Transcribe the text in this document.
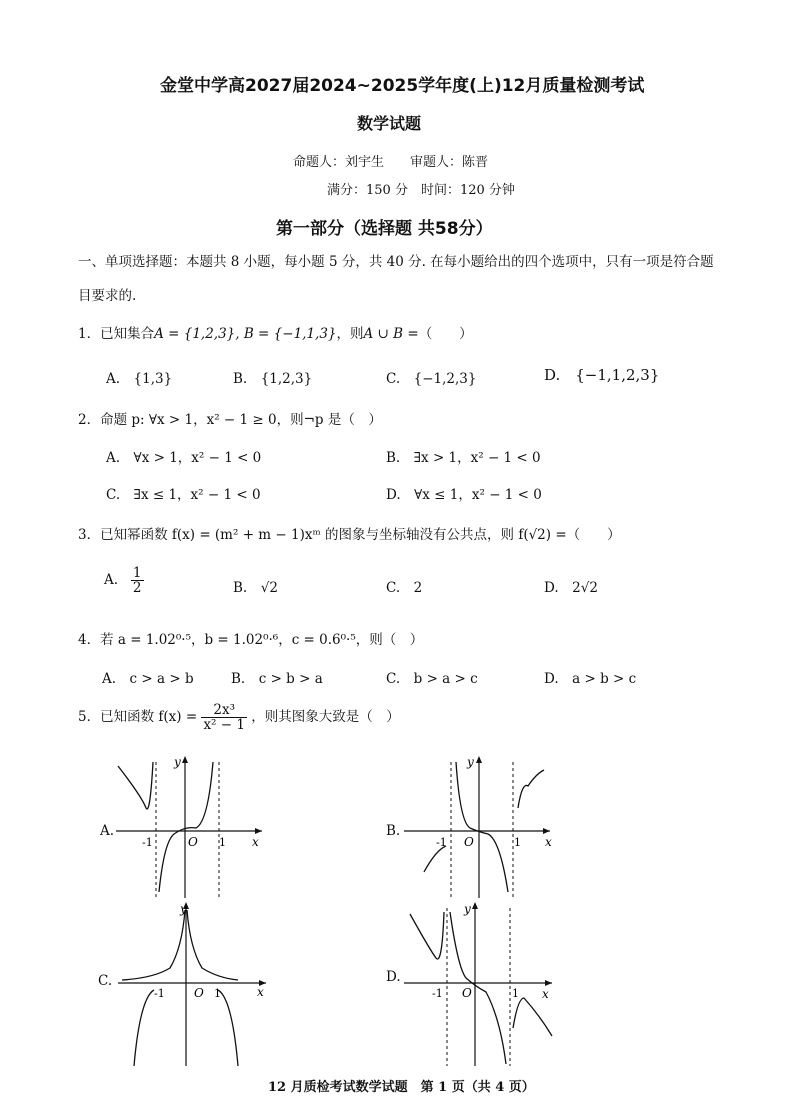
金堂中学高2027届2024~2025学年度(上)12月质量检测考试
数学试题
命题人：刘宇生　　审题人：陈晋
满分：150 分　时间：120 分钟
第一部分（选择题 共58分）
一、单项选择题：本题共 8 小题，每小题 5 分，共 40 分. 在每小题给出的四个选项中，只有一项是符合题
目要求的.
1．已知集合A = {1,2,3}, B = {−1,1,3}，则A ∪ B =（　　）
A.　{1,3}	B.　{1,2,3}	C.　{−1,2,3}	D.　{−1,1,2,3}
2．命题 p: ∀x > 1，x² − 1 ≥ 0，则¬p 是（　）
A.　∀x > 1，x² − 1 < 0	B.　∃x > 1，x² − 1 < 0
C.　∃x ≤ 1，x² − 1 < 0	D.　∀x ≤ 1，x² − 1 < 0
3．已知幂函数 f(x) = (m² + m − 1)xᵐ 的图象与坐标轴没有公共点，则 f(√2) =（　　）
A. $\frac{1}{2}$	B.　√2	C.　2	D.　2√2
4．若 a = 1.02⁰·⁵，b = 1.02⁰·⁶，c = 0.6⁰·⁵，则（　）
A.　c > a > b	B.　c > b > a	C.　b > a > c	D.　a > b > c
5．已知函数 $f(x) = \frac{\text{2x³}}{\text{x² − 1}}$ ，则其图象大致是（　）
A.
y
x
O
-1	1
B.
y
x
O
-1	1
C.
y
x
O
-1	1
D.
y
x
O
-1	1
12 月质检考试数学试题　第 1 页（共 4 页）
